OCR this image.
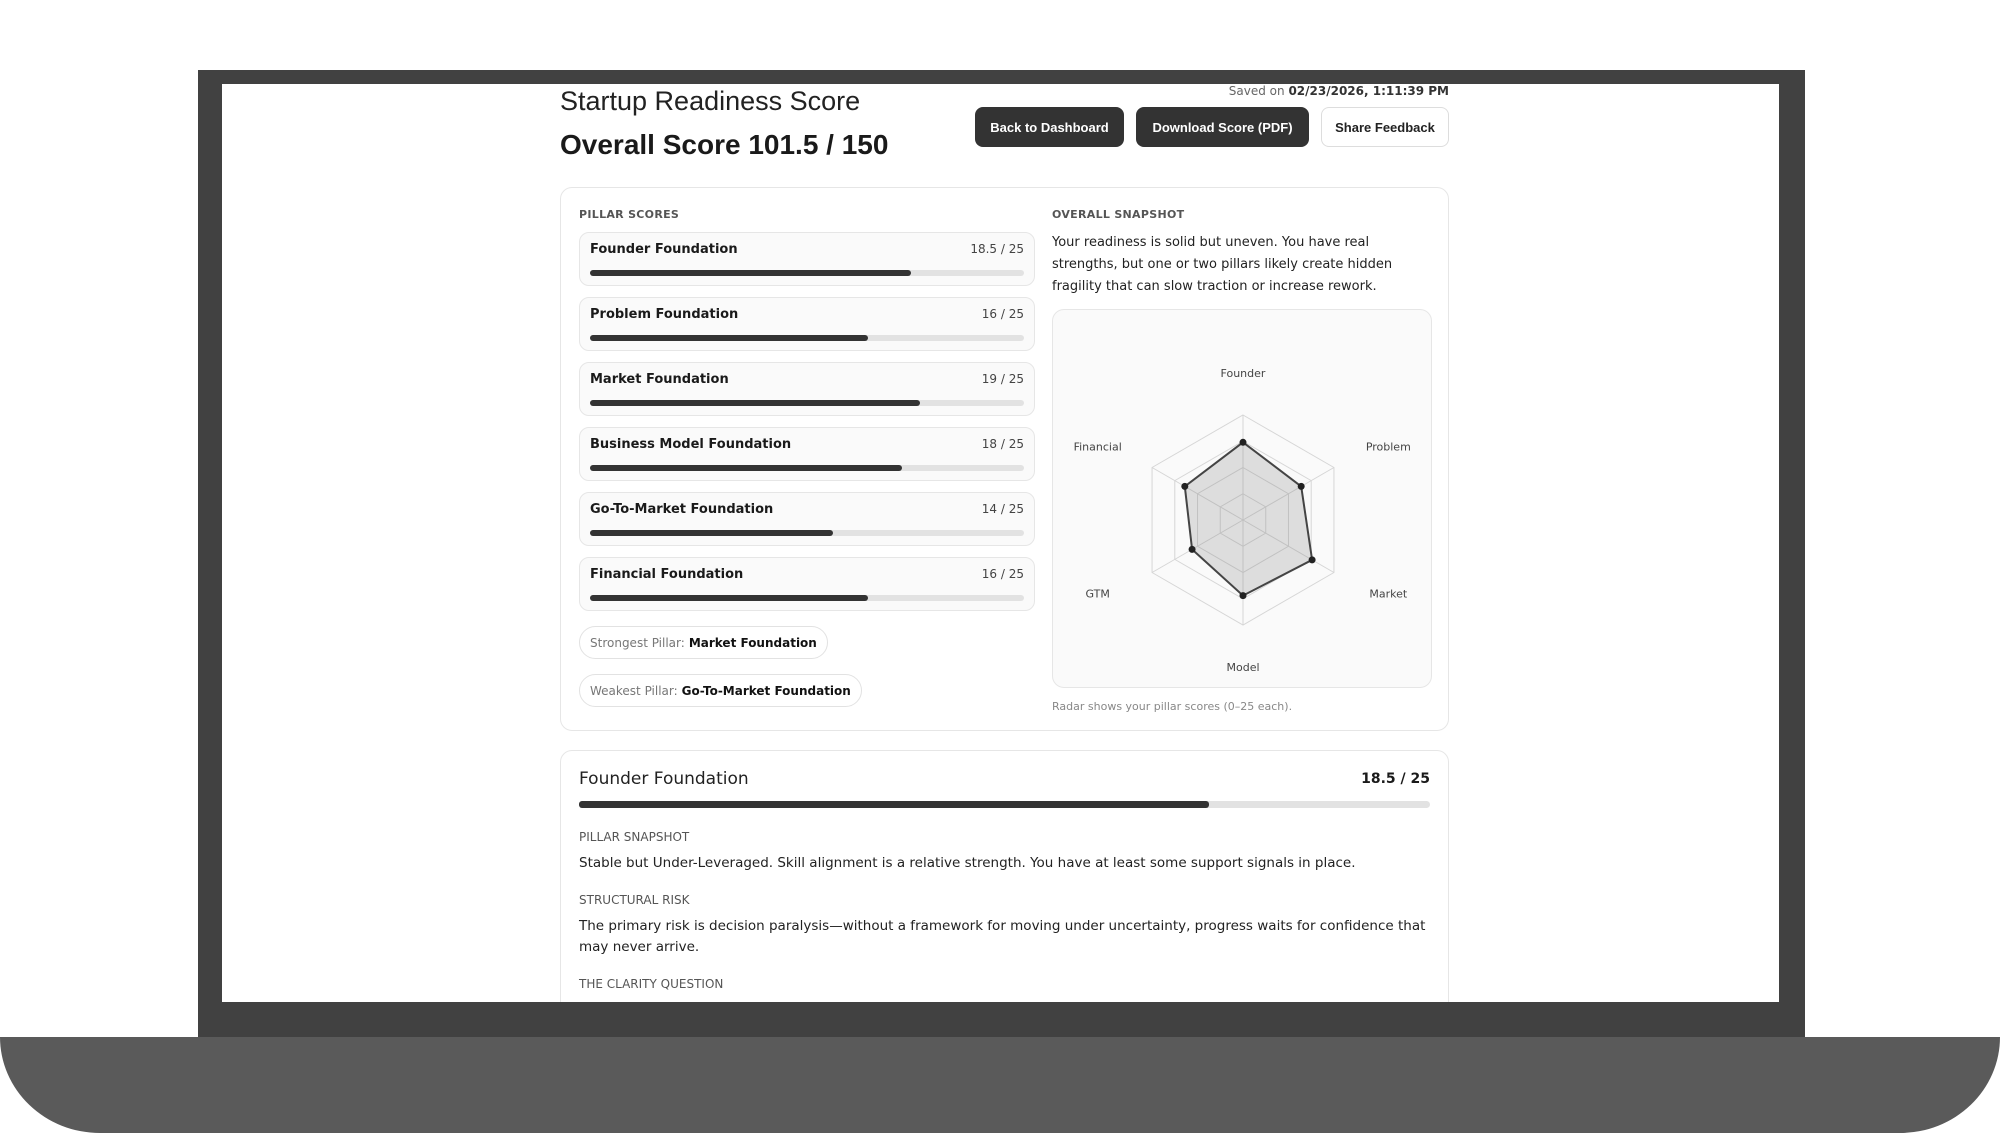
Saved on 02/23/2026, 1:11:39 PM
Startup Readiness Score
Overall Score 101.5 / 150
Back to Dashboard	Download Score (PDF)	Share Feedback
PILLAR SCORES
Founder Foundation	18.5 / 25
Problem Foundation	16 / 25
Market Foundation	19 / 25
Business Model Foundation	18 / 25
Go-To-Market Foundation	14 / 25
Financial Foundation	16 / 25
Strongest Pillar: Market Foundation
Weakest Pillar: Go-To-Market Foundation
OVERALL SNAPSHOT
Your readiness is solid but uneven. You have real strengths, but one or two pillars likely create hidden fragility that can slow traction or increase rework.
Founder
Problem
Market
Model
GTM
Financial
Radar shows your pillar scores (0–25 each).
Founder Foundation	18.5 / 25
PILLAR SNAPSHOT
Stable but Under-Leveraged. Skill alignment is a relative strength. You have at least some support signals in place.
STRUCTURAL RISK
The primary risk is decision paralysis—without a framework for moving under uncertainty, progress waits for confidence that may never arrive.
THE CLARITY QUESTION
